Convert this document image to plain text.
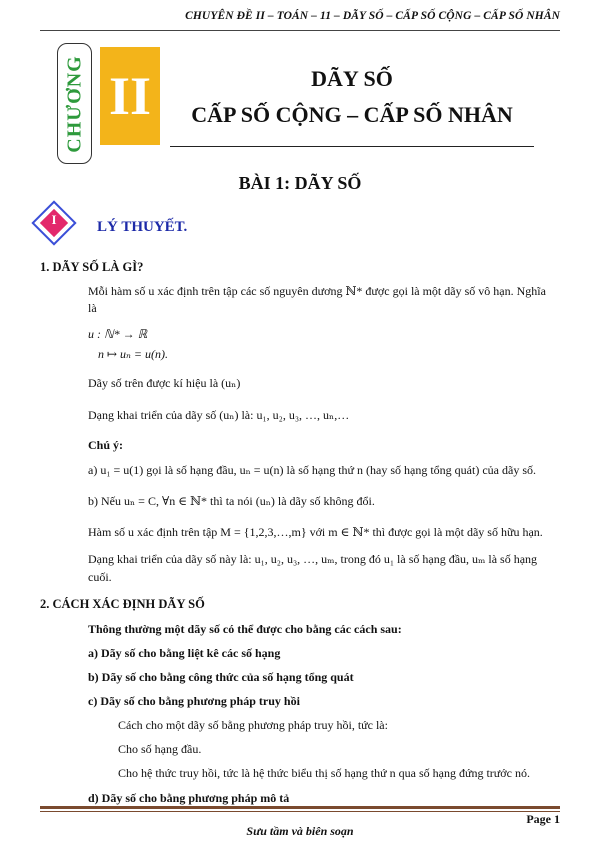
CHUYÊN ĐỀ II – TOÁN – 11 – DÃY SỐ – CẤP SỐ CỘNG – CẤP SỐ NHÂN
CHƯƠNG II	DÃY SỐ
CẤP SỐ CỘNG – CẤP SỐ NHÂN
BÀI 1: DÃY SỐ
I	LÝ THUYẾT.
1. DÃY SỐ LÀ GÌ?
Mỗi hàm số u xác định trên tập các số nguyên dương ℕ* được gọi là một dãy số vô hạn. Nghĩa
là
u : ℕ* → ℝ
n ↦ uₙ = u(n).
Dãy số trên được kí hiệu là (uₙ)
Dạng khai triển của dãy số (uₙ) là: u₁, u₂, u₃, …, uₙ,…
Chú ý:
a) u₁ = u(1) gọi là số hạng đầu, uₙ = u(n) là số hạng thứ n (hay số hạng tổng quát) của dãy số.
b) Nếu uₙ = C, ∀n ∈ ℕ* thì ta nói (uₙ) là dãy số không đổi.
Hàm số u xác định trên tập M = {1,2,3,…,m} với m ∈ ℕ* thì được gọi là một dãy số hữu hạn.
Dạng khai triển của dãy số này là: u₁, u₂, u₃, …, uₘ, trong đó u₁ là số hạng đầu, uₘ là số hạng
cuối.
2. CÁCH XÁC ĐỊNH DÃY SỐ
Thông thường một dãy số có thể được cho bằng các cách sau:
a) Dãy số cho bằng liệt kê các số hạng
b) Dãy số cho bằng công thức của số hạng tổng quát
c) Dãy số cho bằng phương pháp truy hồi
Cách cho một dãy số bằng phương pháp truy hồi, tức là:
Cho số hạng đầu.
Cho hệ thức truy hồi, tức là hệ thức biểu thị số hạng thứ n qua số hạng đứng trước nó.
d) Dãy số cho bằng phương pháp mô tả
Page 1
Sưu tầm và biên soạn
